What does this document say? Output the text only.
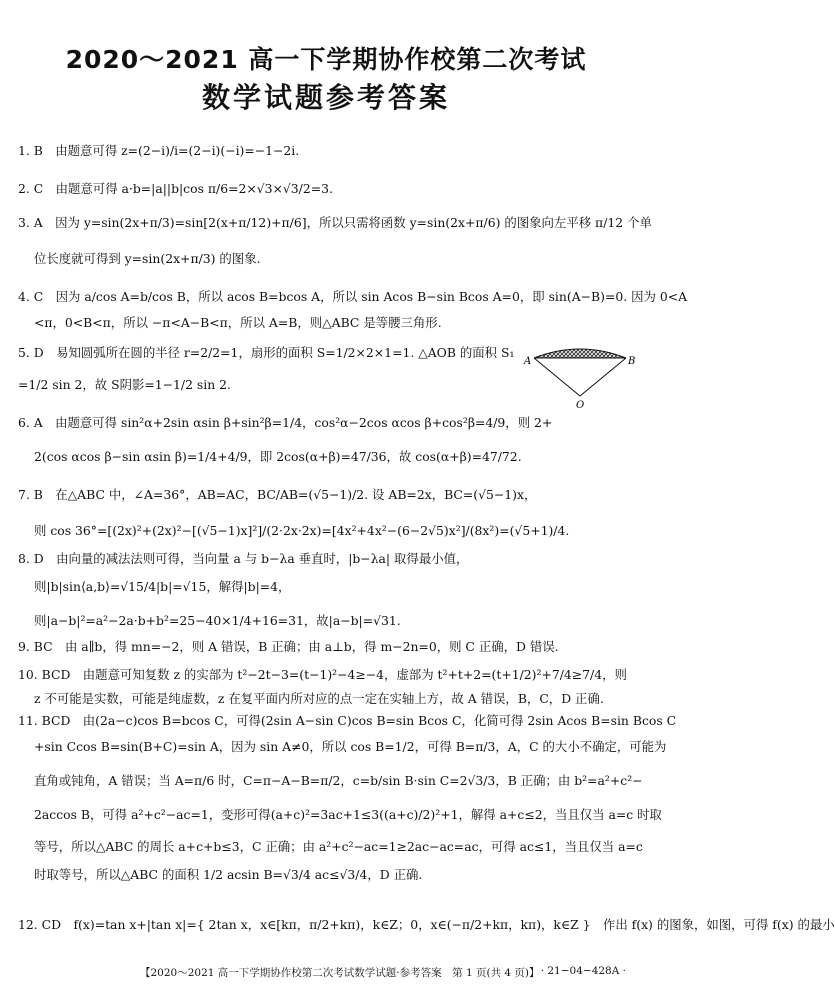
2020～2021 高一下学期协作校第二次考试
数学试题参考答案
1. B　由题意可得 z=(2−i)/i=(2−i)(−i)=−1−2i.
2. C　由题意可得 a·b=|a||b|cos π/6=2×√3×√3/2=3.
3. A　因为 y=sin(2x+π/3)=sin[2(x+π/12)+π/6]，所以只需将函数 y=sin(2x+π/6) 的图象向左平移 π/12 个单
位长度就可得到 y=sin(2x+π/3) 的图象.
4. C　因为 a/cos A=b/cos B，所以 acos B=bcos A，所以 sin Acos B−sin Bcos A=0，即 sin(A−B)=0. 因为 0<A
<π，0<B<π，所以 −π<A−B<π，所以 A=B，则△ABC 是等腰三角形.
5. D　易知圆弧所在圆的半径 r=2/2=1，扇形的面积 S=1/2×2×1=1. △AOB 的面积 S₁
=1/2 sin 2，故 S阴影=1−1/2 sin 2.
A	B
O
6. A　由题意可得 sin²α+2sin αsin β+sin²β=1/4，cos²α−2cos αcos β+cos²β=4/9，则 2+
2(cos αcos β−sin αsin β)=1/4+4/9，即 2cos(α+β)=47/36，故 cos(α+β)=47/72.
7. B　在△ABC 中，∠A=36°，AB=AC，BC/AB=(√5−1)/2. 设 AB=2x，BC=(√5−1)x，
则 cos 36°=[(2x)²+(2x)²−[(√5−1)x]²]/(2·2x·2x)=[4x²+4x²−(6−2√5)x²]/(8x²)=(√5+1)/4.
8. D　由向量的减法法则可得，当向量 a 与 b−λa 垂直时，|b−λa| 取得最小值，
则|b|sin⟨a,b⟩=√15/4|b|=√15，解得|b|=4，
则|a−b|²=a²−2a·b+b²=25−40×1/4+16=31，故|a−b|=√31.
9. BC　由 a∥b，得 mn=−2，则 A 错误，B 正确；由 a⊥b，得 m−2n=0，则 C 正确，D 错误.
10. BCD　由题意可知复数 z 的实部为 t²−2t−3=(t−1)²−4≥−4，虚部为 t²+t+2=(t+1/2)²+7/4≥7/4，则
z 不可能是实数，可能是纯虚数，z 在复平面内所对应的点一定在实轴上方，故 A 错误，B，C，D 正确.
11. BCD　由(2a−c)cos B=bcos C，可得(2sin A−sin C)cos B=sin Bcos C，化简可得 2sin Acos B=sin Bcos C
+sin Ccos B=sin(B+C)=sin A，因为 sin A≠0，所以 cos B=1/2，可得 B=π/3，A，C 的大小不确定，可能为
直角或钝角，A 错误；当 A=π/6 时，C=π−A−B=π/2，c=b/sin B·sin C=2√3/3，B 正确；由 b²=a²+c²−
2accos B，可得 a²+c²−ac=1，变形可得(a+c)²=3ac+1≤3((a+c)/2)²+1，解得 a+c≤2，当且仅当 a=c 时取
等号，所以△ABC 的周长 a+c+b≤3，C 正确；由 a²+c²−ac=1≥2ac−ac=ac，可得 ac≤1，当且仅当 a=c
时取等号，所以△ABC 的面积 1/2 acsin B=√3/4 ac≤√3/4，D 正确.
12. CD　f(x)=tan x+|tan x|={ 2tan x，x∈[kπ，π/2+kπ)，k∈Z；0，x∈(−π/2+kπ，kπ)，k∈Z }　作出 f(x) 的图象，如图，可得 f(x) 的最小
【2020～2021 高一下学期协作校第二次考试数学试题·参考答案　第 1 页(共 4 页)】 · 21−04−428A ·
